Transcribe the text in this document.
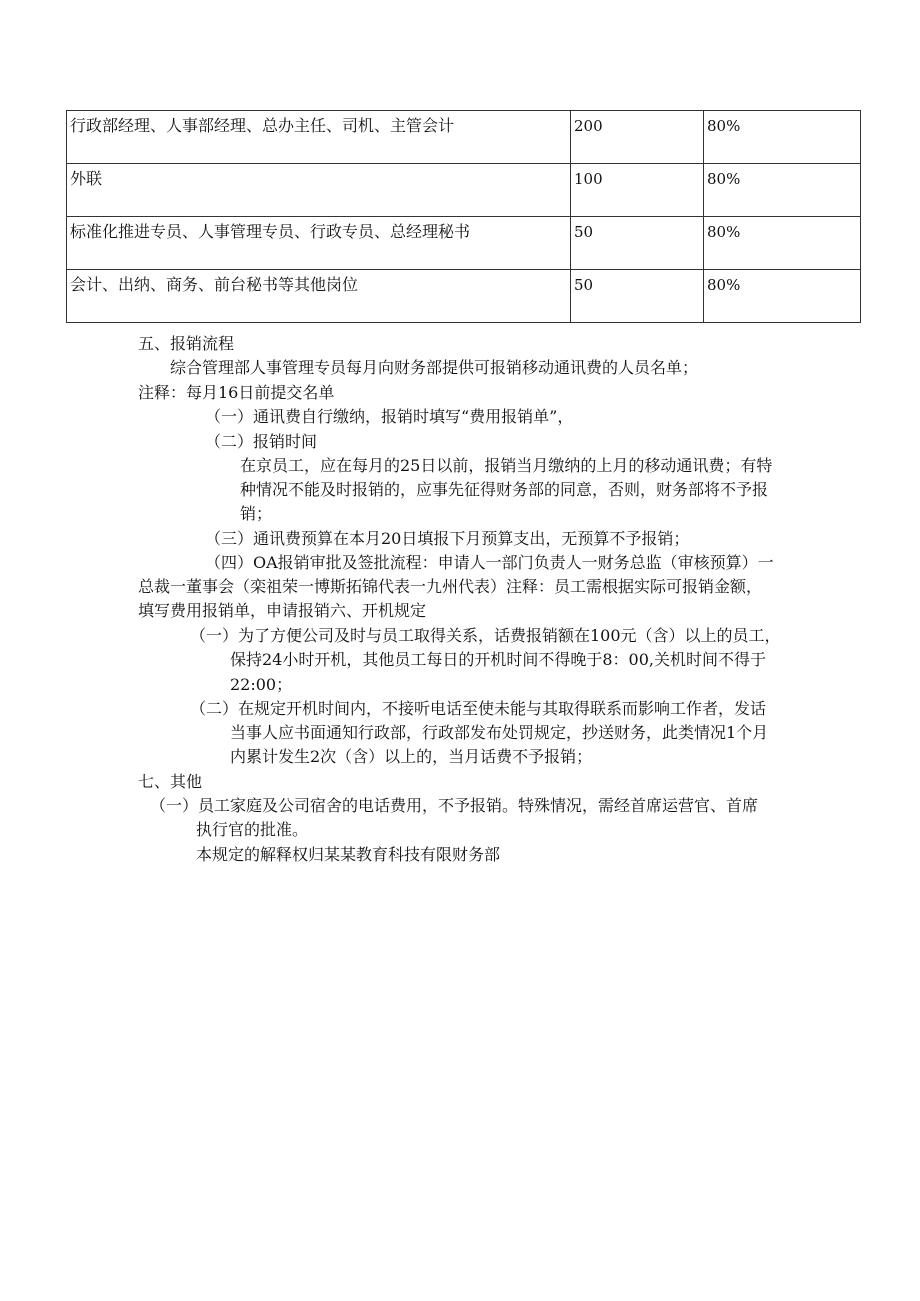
行政部经理、人事部经理、总办主任、司机、主管会计	200	80%
外联	100	80%
标准化推进专员、人事管理专员、行政专员、总经理秘书	50	80%
会计、出纳、商务、前台秘书等其他岗位	50	80%
五、报销流程
综合管理部人事管理专员每月向财务部提供可报销移动通讯费的人员名单；
注释：每月16日前提交名单
（一）通讯费自行缴纳，报销时填写“费用报销单”，
（二）报销时间
在京员工，应在每月的25日以前，报销当月缴纳的上月的移动通讯费；有特
种情况不能及时报销的，应事先征得财务部的同意，否则，财务部将不予报
销；
（三）通讯费预算在本月20日填报下月预算支出，无预算不予报销；
（四）OA报销审批及签批流程：申请人一部门负责人一财务总监（审核预算）一
总裁一董事会（栾祖荣一博斯拓锦代表一九州代表）注释：员工需根据实际可报销金额，
填写费用报销单，申请报销六、开机规定
（一）为了方便公司及时与员工取得关系，话费报销额在100元（含）以上的员工，
保持24小时开机，其他员工每日的开机时间不得晚于8：00,关机时间不得于
22:00；
（二）在规定开机时间内，不接听电话至使未能与其取得联系而影响工作者，发话
当事人应书面通知行政部，行政部发布处罚规定，抄送财务，此类情况1个月
内累计发生2次（含）以上的，当月话费不予报销；
七、其他
（一）员工家庭及公司宿舍的电话费用，不予报销。特殊情况，需经首席运营官、首席
执行官的批准。
本规定的解释权归某某教育科技有限财务部
